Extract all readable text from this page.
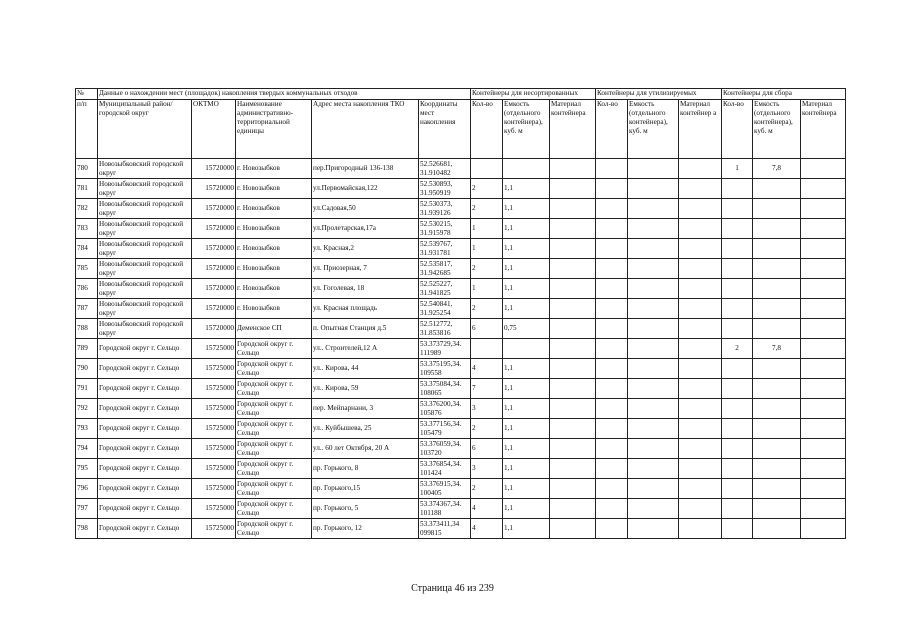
№	Данные о нахождении мест (площадок) накопления твердых коммунальных отходов					Контейнеры для несортированных			Контейнеры для утилизируемых			Контейнеры для сбора		
п/п	Муниципальный район/городской округ	ОКТМО	Наименование административно-территориальной единицы	Адрес места накопления ТКО	Координаты мест накопления	Кол-во	Емкость (отдельного контейнера), куб. м	Материал контейнера	Кол-во	Емкость (отдельного контейнера), куб. м	Материал контейнер а	Кол-во	Емкость (отдельного контейнера), куб. м	Материал контейнера
780	Новозыбковский городской округ	15720000	г. Новозыбков	пер.Пригородный 136-138	52.526681, 31.910482							1	7,8	
781	Новозыбковский городской округ	15720000	г. Новозыбков	ул.Первомайская,122	52.530893, 31.950919	2	1,1							
782	Новозыбковский городской округ	15720000	г. Новозыбков	ул.Садовая,50	52.530373, 31.939126	2	1,1							
783	Новозыбковский городской округ	15720000	г. Новозыбков	ул.Пролетарская,17а	52.530215, 31.915978	1	1,1							
784	Новозыбковский городской округ	15720000	г. Новозыбков	ул. Красная,2	52.539767, 31.931781	1	1,1							
785	Новозыбковский городской округ	15720000	г. Новозыбков	ул. Приозерная, 7	52.535817, 31.942685	2	1,1							
786	Новозыбковский городской округ	15720000	г. Новозыбков	ул. Гоголевая, 18	52.525227, 31.941825	1	1,1							
787	Новозыбковский городской округ	15720000	г. Новозыбков	ул. Красная площадь	52.540841, 31.925254	2	1,1							
788	Новозыбковский городской округ	15720000	Деменское СП	п. Опытная Станция д.5	52.512772, 31.853816	6	0,75							
789	Городской округ г. Сельцо	15725000	Городской округ г. Сельцо	ул.. Строителей,12 А	53.373729,34. 111989							2	7,8	
790	Городской округ г. Сельцо	15725000	Городской округ г. Сельцо	ул.. Кирова, 44	53.375195,34. 109558	4	1,1							
791	Городской округ г. Сельцо	15725000	Городской округ г. Сельцо	ул.. Кирова, 59	53.375084,34. 108065	7	1,1							
792	Городской округ г. Сельцо	15725000	Городской округ г. Сельцо	пер. Мейпарнани, 3	53.376200,34. 105876	3	1,1							
793	Городской округ г. Сельцо	15725000	Городской округ г. Сельцо	ул.. Куйбышева, 25	53.377156,34. 105479	2	1,1							
794	Городской округ г. Сельцо	15725000	Городской округ г. Сельцо	ул.. 60 лет Октября, 20 А	53.376059,34. 103720	6	1,1							
795	Городской округ г. Сельцо	15725000	Городской округ г. Сельцо	пр. Горького, 8	53.376854,34. 101424	3	1,1							
796	Городской округ г. Сельцо	15725000	Городской округ г. Сельцо	пр. Горького,15	53.376915,34. 100405	2	1,1							
797	Городской округ г. Сельцо	15725000	Городской округ г. Сельцо	пр. Горького, 5	53.374367,34. 101188	4	1,1							
798	Городской округ г. Сельцо	15725000	Городской округ г. Сельцо	пр. Горького, 12	53.373411,34 099815	4	1,1							
Страница 46 из 239
